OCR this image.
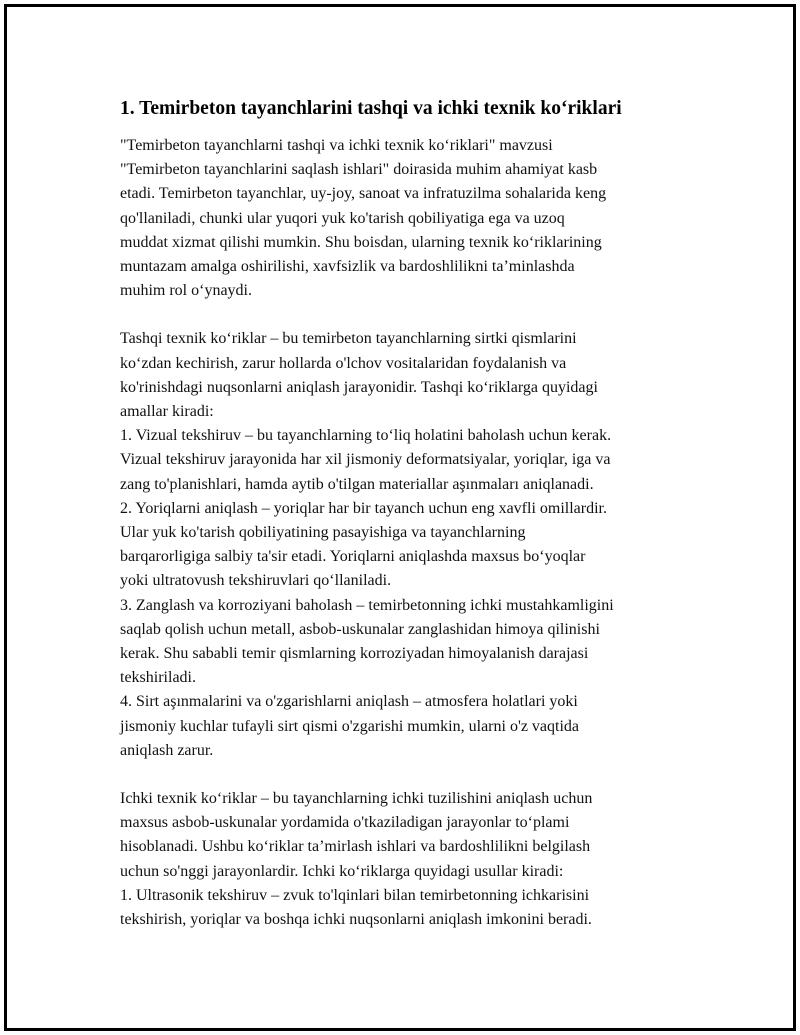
1. Temirbeton tayanchlarini tashqi va ichki texnik ko‘riklari

"Temirbeton tayanchlarni tashqi va ichki texnik ko‘riklari" mavzusi
"Temirbeton tayanchlarini saqlash ishlari" doirasida muhim ahamiyat kasb
etadi. Temirbeton tayanchlar, uy-joy, sanoat va infratuzilma sohalarida keng
qo'llaniladi, chunki ular yuqori yuk ko'tarish qobiliyatiga ega va uzoq
muddat xizmat qilishi mumkin. Shu boisdan, ularning texnik ko‘riklarining
muntazam amalga oshirilishi, xavfsizlik va bardoshlilikni ta’minlashda
muhim rol o‘ynaydi.

Tashqi texnik ko‘riklar – bu temirbeton tayanchlarning sirtki qismlarini
ko‘zdan kechirish, zarur hollarda o'lchov vositalaridan foydalanish va
ko'rinishdagi nuqsonlarni aniqlash jarayonidir. Tashqi ko‘riklarga quyidagi
amallar kiradi:
1. Vizual tekshiruv – bu tayanchlarning to‘liq holatini baholash uchun kerak.
Vizual tekshiruv jarayonida har xil jismoniy deformatsiyalar, yoriqlar, iga va
zang to'planishlari, hamda aytib o'tilgan materiallar aşınmaları aniqlanadi.
2. Yoriqlarni aniqlash – yoriqlar har bir tayanch uchun eng xavfli omillardir.
Ular yuk ko'tarish qobiliyatining pasayishiga va tayanchlarning
barqarorligiga salbiy ta'sir etadi. Yoriqlarni aniqlashda maxsus bo‘yoqlar
yoki ultratovush tekshiruvlari qo‘llaniladi.
3. Zanglash va korroziyani baholash – temirbetonning ichki mustahkamligini
saqlab qolish uchun metall, asbob-uskunalar zanglashidan himoya qilinishi
kerak. Shu sababli temir qismlarning korroziyadan himoyalanish darajasi
tekshiriladi.
4. Sirt aşınmalarini va o'zgarishlarni aniqlash – atmosfera holatlari yoki
jismoniy kuchlar tufayli sirt qismi o'zgarishi mumkin, ularni o'z vaqtida
aniqlash zarur.

Ichki texnik ko‘riklar – bu tayanchlarning ichki tuzilishini aniqlash uchun
maxsus asbob-uskunalar yordamida o'tkaziladigan jarayonlar to‘plami
hisoblanadi. Ushbu ko‘riklar ta’mirlash ishlari va bardoshlilikni belgilash
uchun so'nggi jarayonlardir. Ichki ko‘riklarga quyidagi usullar kiradi:
1. Ultrasonik tekshiruv – zvuk to'lqinlari bilan temirbetonning ichkarisini
tekshirish, yoriqlar va boshqa ichki nuqsonlarni aniqlash imkonini beradi.
